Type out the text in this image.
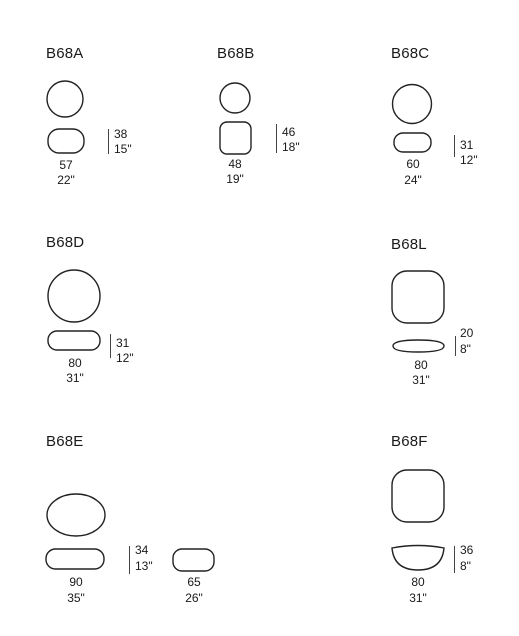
B68A
38
15"
57
22"
B68B
46
18"
48
19"
B68C
31
12"
60
24"
B68D
31
12"
80
31"
B68L
20
8"
80
31"
B68E
34
13"
90
35"
65
26"
B68F
36
8"
80
31"
